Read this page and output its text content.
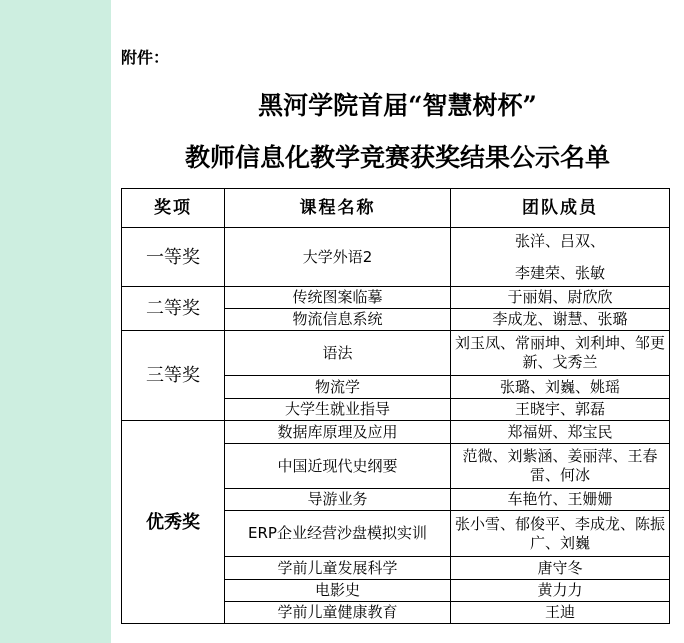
附件：
黑河学院首届“智慧树杯”
教师信息化教学竞赛获奖结果公示名单
奖项	课程名称	团队成员
一等奖	大学外语2	张洋、吕双、
李建荣、张敏

二等奖	传统图案临摹	于丽娟、尉欣欣
	物流信息系统	李成龙、谢慧、张璐
三等奖	语法	刘玉凤、常丽坤、刘利坤、邹更新、戈秀兰
	物流学	张璐、刘巍、姚瑶
	大学生就业指导	王晓宇、郭磊
优秀奖	数据库原理及应用	郑福妍、郑宝民
	中国近现代史纲要	范微、刘紫涵、姜丽萍、王春雷、何冰
	导游业务	车艳竹、王姗姗
	ERP企业经营沙盘模拟实训	张小雪、郁俊平、李成龙、陈振广、刘巍
	学前儿童发展科学	唐守冬
	电影史	黄力力
	学前儿童健康教育	王迪
